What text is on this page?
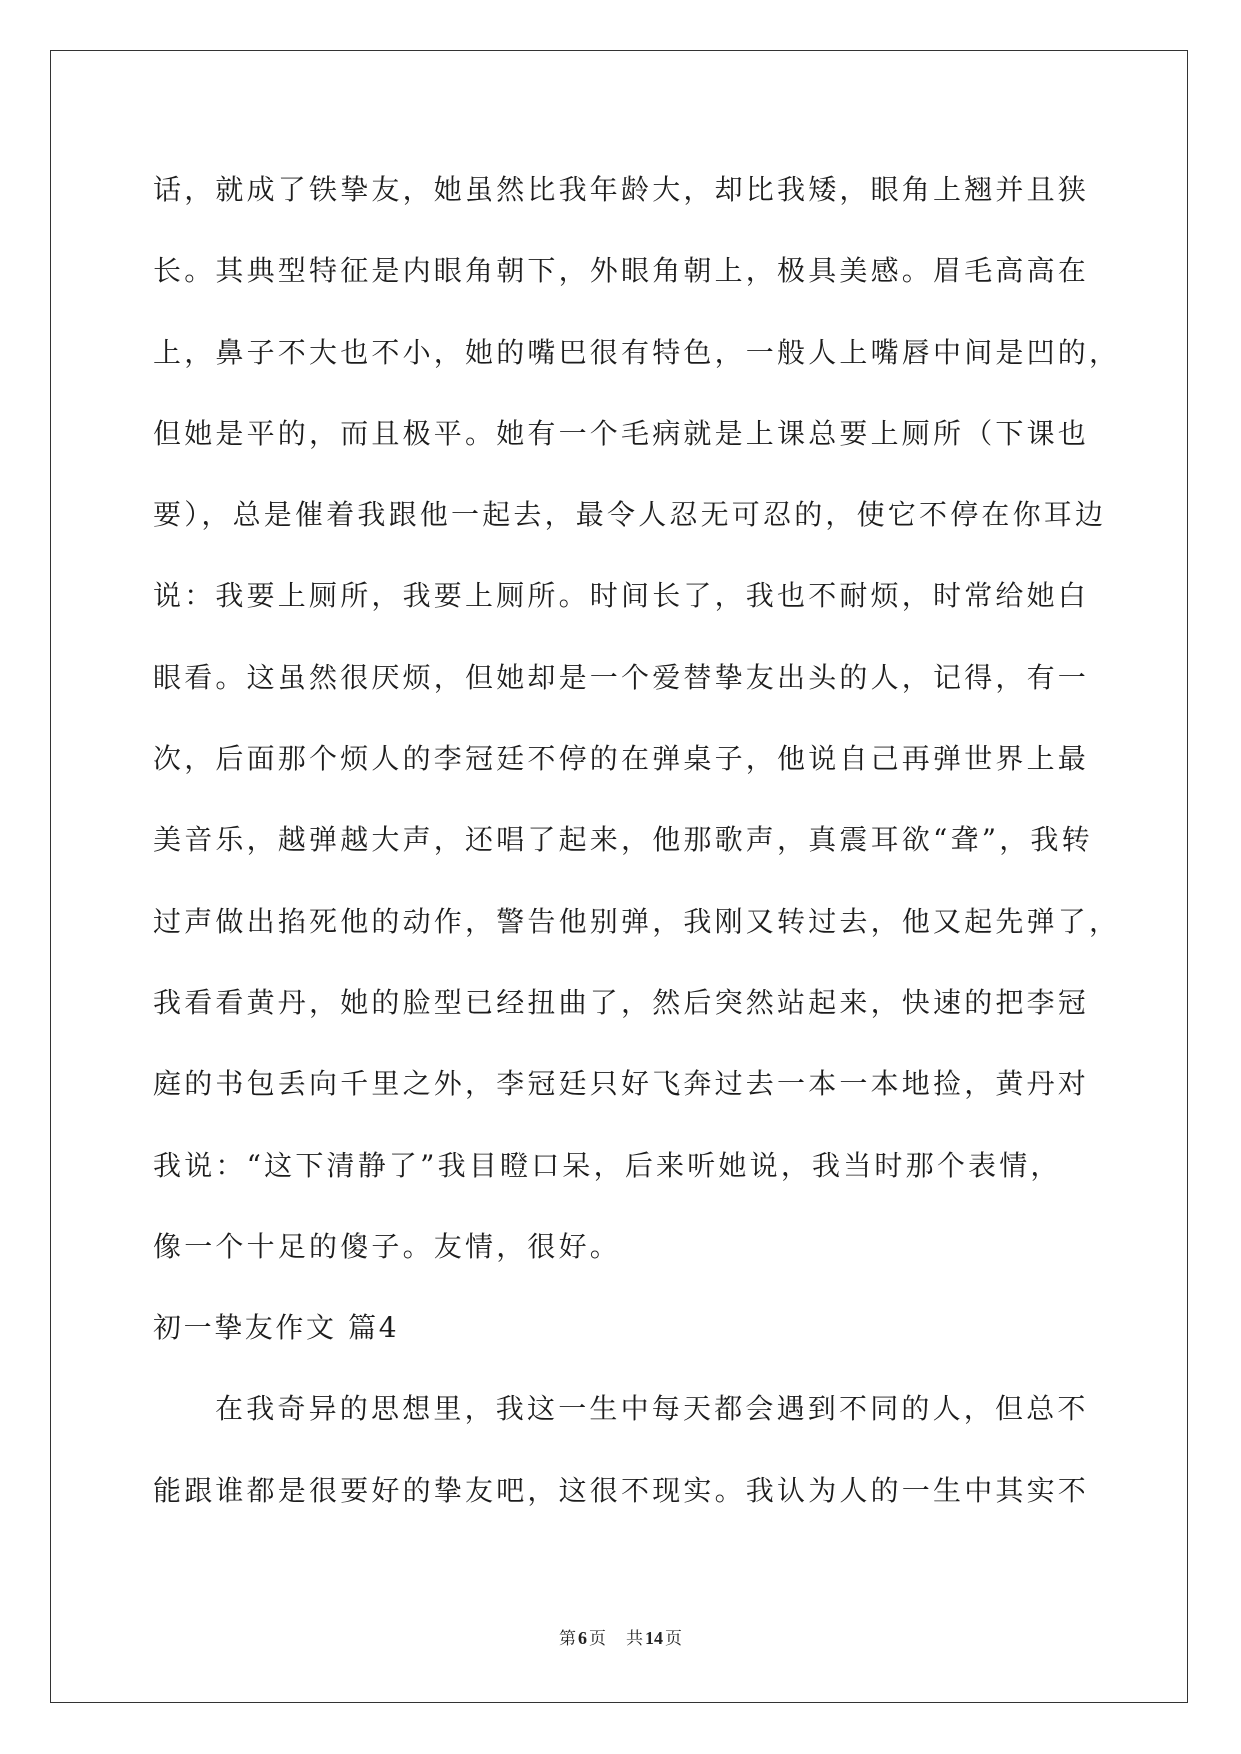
话，就成了铁挚友，她虽然比我年龄大，却比我矮，眼角上翘并且狭
长。其典型特征是内眼角朝下，外眼角朝上，极具美感。眉毛高高在
上，鼻子不大也不小，她的嘴巴很有特色，一般人上嘴唇中间是凹的，
但她是平的，而且极平。她有一个毛病就是上课总要上厕所（下课也
要），总是催着我跟他一起去，最令人忍无可忍的，使它不停在你耳边
说：我要上厕所，我要上厕所。时间长了，我也不耐烦，时常给她白
眼看。这虽然很厌烦，但她却是一个爱替挚友出头的人，记得，有一
次，后面那个烦人的李冠廷不停的在弹桌子，他说自己再弹世界上最
美音乐，越弹越大声，还唱了起来，他那歌声，真震耳欲“聋”，我转
过声做出掐死他的动作，警告他别弹，我刚又转过去，他又起先弹了，
我看看黄丹，她的脸型已经扭曲了，然后突然站起来，快速的把李冠
庭的书包丢向千里之外，李冠廷只好飞奔过去一本一本地捡，黄丹对
我说：“这下清静了”我目瞪口呆，后来听她说，我当时那个表情，
像一个十足的傻子。友情，很好。
初一挚友作文 篇4
在我奇异的思想里，我这一生中每天都会遇到不同的人，但总不
能跟谁都是很要好的挚友吧，这很不现实。我认为人的一生中其实不
第 6 页 共 14 页
